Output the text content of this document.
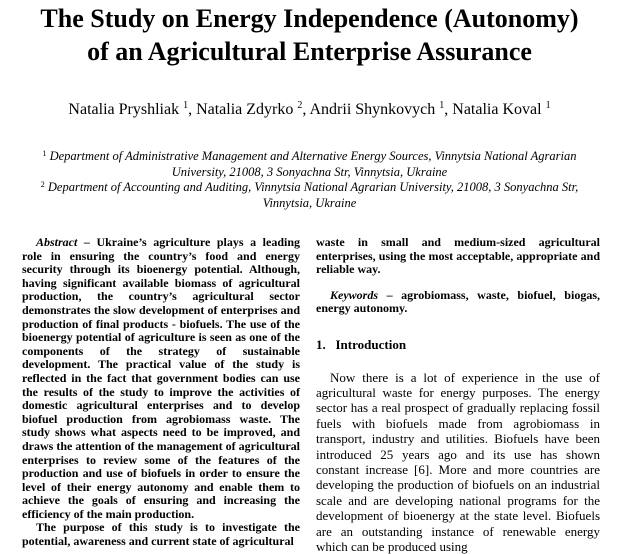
The Study on Energy Independence (Autonomy)
of an Agricultural Enterprise Assurance
Natalia Pryshliak $^1$, Natalia Zdyrko $^2$, Andrii Shynkovych $^1$, Natalia Koval $^1$
$^1$ Department of Administrative Management and Alternative Energy Sources, Vinnytsia National Agrarian University, 21008, 3 Sonyachna Str, Vinnytsia, Ukraine
$^2$ Department of Accounting and Auditing, Vinnytsia National Agrarian University, 21008, 3 Sonyachna Str, Vinnytsia, Ukraine

Abstract – Ukraine’s agriculture plays a leading role in ensuring the country’s food and energy security through its bioenergy potential. Although, having significant available biomass of agricultural production, the country’s agricultural sector demonstrates the slow development of enterprises and production of final products - biofuels. The use of the bioenergy potential of agriculture is seen as one of the components of the strategy of sustainable development. The practical value of the study is reflected in the fact that government bodies can use the results of the study to improve the activities of domestic agricultural enterprises and to develop biofuel production from agrobiomass waste. The study shows what aspects need to be improved, and draws the attention of the management of agricultural enterprises to review some of the features of the production and use of biofuels in order to ensure the level of their energy autonomy and enable them to achieve the goals of ensuring and increasing the efficiency of the main production.

The purpose of this study is to investigate the potential, awareness and current state of agricultural

waste in small and medium-sized agricultural enterprises, using the most acceptable, appropriate and reliable way.

Keywords – agrobiomass, waste, biofuel, biogas, energy autonomy.

1. Introduction

Now there is a lot of experience in the use of agricultural waste for energy purposes. The energy sector has a real prospect of gradually replacing fossil fuels with biofuels made from agrobiomass in transport, industry and utilities. Biofuels have been introduced 25 years ago and its use has shown constant increase [6]. More and more countries are developing the production of biofuels on an industrial scale and are developing national programs for the development of bioenergy at the state level. Biofuels are an outstanding instance of renewable energy which can be produced using
